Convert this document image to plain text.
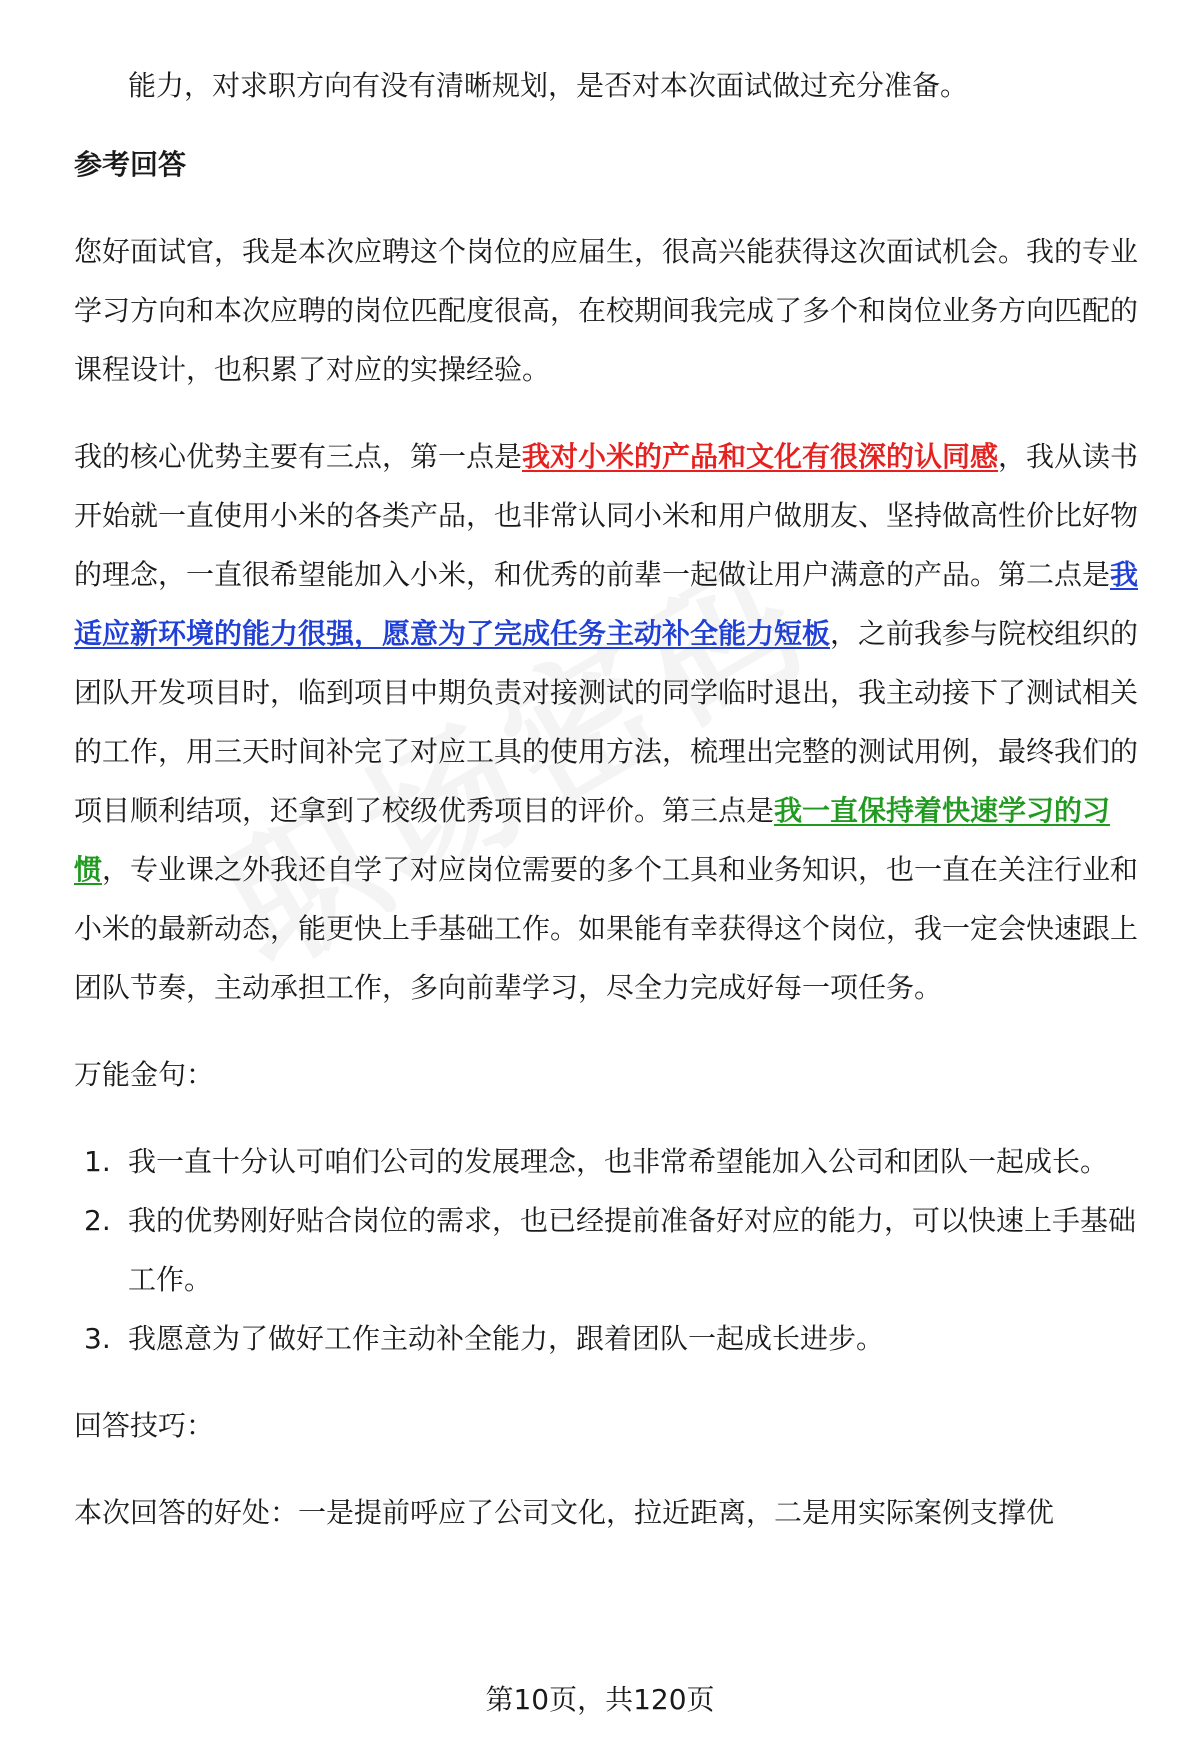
能力，对求职方向有没有清晰规划，是否对本次面试做过充分准备。

参考回答

您好面试官，我是本次应聘这个岗位的应届生，很高兴能获得这次面试机会。我的专业学习方向和本次应聘的岗位匹配度很高，在校期间我完成了多个和岗位业务方向匹配的课程设计，也积累了对应的实操经验。

我的核心优势主要有三点，第一点是我对小米的产品和文化有很深的认同感，我从读书开始就一直使用小米的各类产品，也非常认同小米和用户做朋友、坚持做高性价比好物的理念，一直很希望能加入小米，和优秀的前辈一起做让用户满意的产品。第二点是我适应新环境的能力很强，愿意为了完成任务主动补全能力短板，之前我参与院校组织的团队开发项目时，临到项目中期负责对接测试的同学临时退出，我主动接下了测试相关的工作，用三天时间补完了对应工具的使用方法，梳理出完整的测试用例，最终我们的项目顺利结项，还拿到了校级优秀项目的评价。第三点是我一直保持着快速学习的习惯，专业课之外我还自学了对应岗位需要的多个工具和业务知识，也一直在关注行业和小米的最新动态，能更快上手基础工作。如果能有幸获得这个岗位，我一定会快速跟上团队节奏，主动承担工作，多向前辈学习，尽全力完成好每一项任务。

万能金句：

1. 我一直十分认可咱们公司的发展理念，也非常希望能加入公司和团队一起成长。
2. 我的优势刚好贴合岗位的需求，也已经提前准备好对应的能力，可以快速上手基础工作。
3. 我愿意为了做好工作主动补全能力，跟着团队一起成长进步。

回答技巧：

本次回答的好处：一是提前呼应了公司文化，拉近距离，二是用实际案例支撑优

第10页，共120页
